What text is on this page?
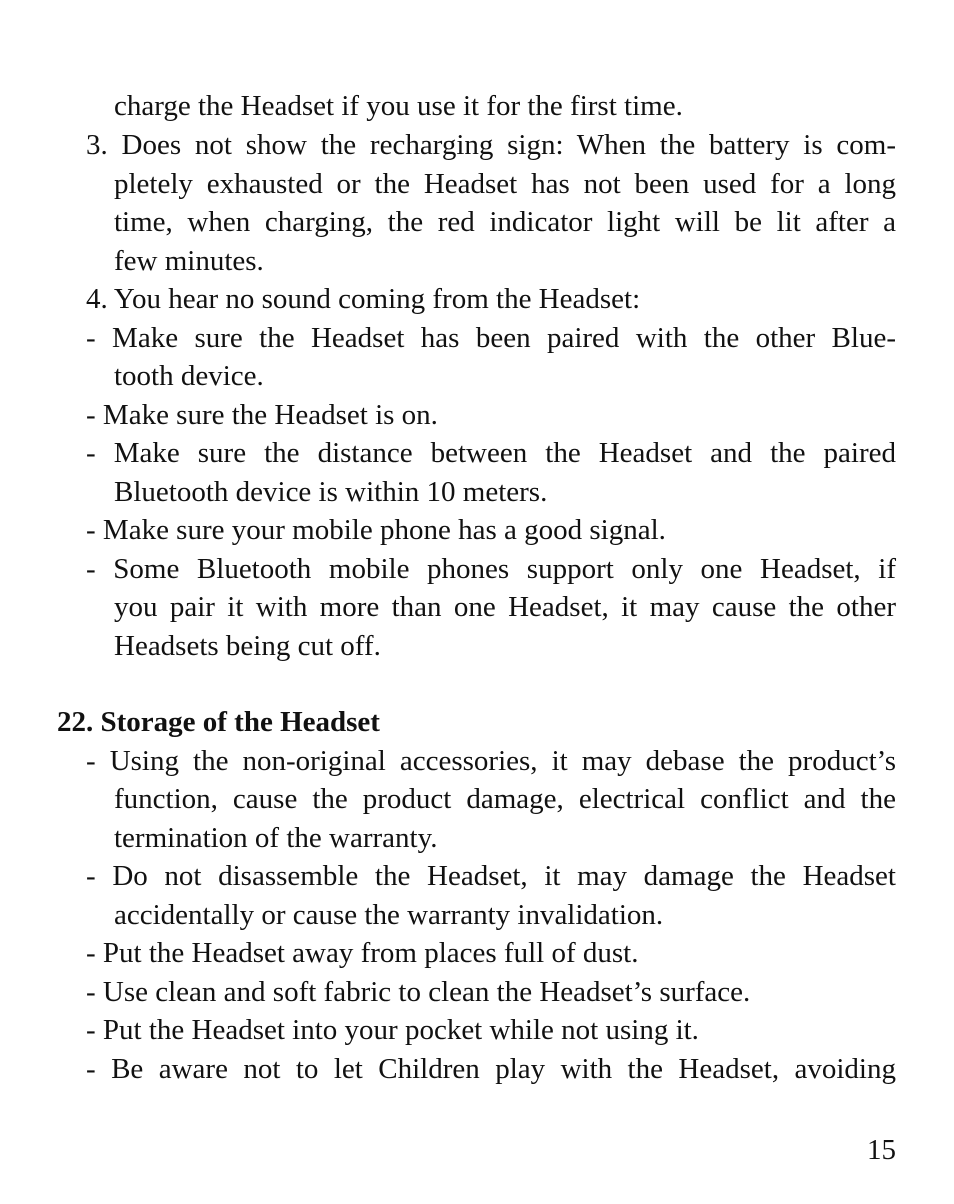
charge the Headset if you use it for the first time.
3. Does not show the recharging sign: When the battery is com-
pletely exhausted or the Headset has not been used for a long
time, when charging, the red indicator light will be lit after a
few minutes.
4. You hear no sound coming from the Headset:
- Make sure the Headset has been paired with the other Blue-
tooth device.
- Make sure the Headset is on.
- Make sure the distance between the Headset and the paired
Bluetooth device is within 10 meters.
- Make sure your mobile phone has a good signal.
- Some Bluetooth mobile phones support only one Headset, if
you pair it with more than one Headset, it may cause the other
Headsets being cut off.
22. Storage of the Headset
- Using the non-original accessories, it may debase the product’s
function, cause the product damage, electrical conflict and the
termination of the warranty.
- Do not disassemble the Headset, it may damage the Headset
accidentally or cause the warranty invalidation.
- Put the Headset away from places full of dust.
- Use clean and soft fabric to clean the Headset’s surface.
- Put the Headset into your pocket while not using it.
- Be aware not to let Children play with the Headset, avoiding
15
